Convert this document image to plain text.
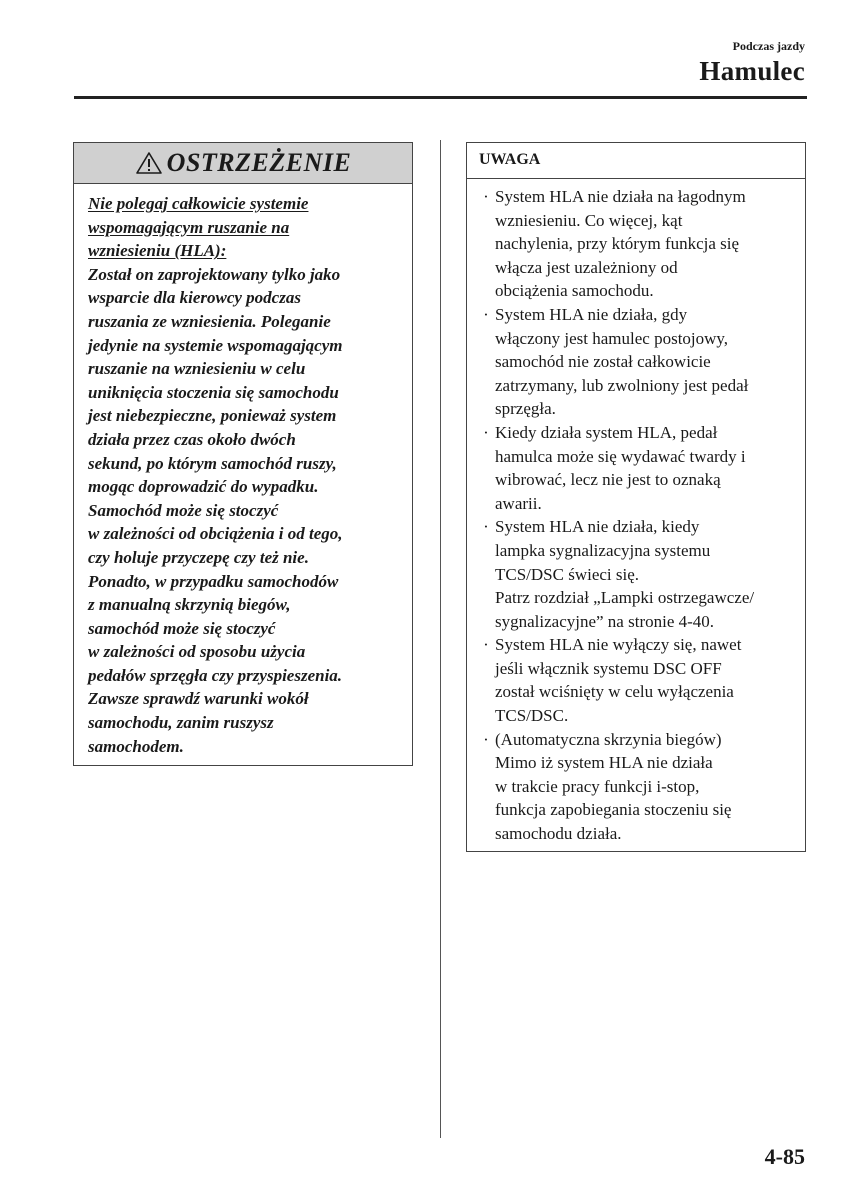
Podczas jazdy
Hamulec
OSTRZEŻENIE
Nie polegaj całkowicie systemie
wspomagającym ruszanie na
wzniesieniu (HLA):
Został on zaprojektowany tylko jako
wsparcie dla kierowcy podczas
ruszania ze wzniesienia. Poleganie
jedynie na systemie wspomagającym
ruszanie na wzniesieniu w celu
uniknięcia stoczenia się samochodu
jest niebezpieczne, ponieważ system
działa przez czas około dwóch
sekund, po którym samochód ruszy,
mogąc doprowadzić do wypadku.
Samochód może się stoczyć
w zależności od obciążenia i od tego,
czy holuje przyczepę czy też nie.
Ponadto, w przypadku samochodów
z manualną skrzynią biegów,
samochód może się stoczyć
w zależności od sposobu użycia
pedałów sprzęgła czy przyspieszenia.
Zawsze sprawdź warunki wokół
samochodu, zanim ruszysz
samochodem.
UWAGA
· System HLA nie działa na łagodnym
wzniesieniu. Co więcej, kąt
nachylenia, przy którym funkcja się
włącza jest uzależniony od
obciążenia samochodu.
· System HLA nie działa, gdy
włączony jest hamulec postojowy,
samochód nie został całkowicie
zatrzymany, lub zwolniony jest pedał
sprzęgła.
· Kiedy działa system HLA, pedał
hamulca może się wydawać twardy i
wibrować, lecz nie jest to oznaką
awarii.
· System HLA nie działa, kiedy
lampka sygnalizacyjna systemu
TCS/DSC świeci się.
Patrz rozdział „Lampki ostrzegawcze/
sygnalizacyjne” na stronie 4-40.
· System HLA nie wyłączy się, nawet
jeśli włącznik systemu DSC OFF
został wciśnięty w celu wyłączenia
TCS/DSC.
· (Automatyczna skrzynia biegów)
Mimo iż system HLA nie działa
w trakcie pracy funkcji i-stop,
funkcja zapobiegania stoczeniu się
samochodu działa.
4-85
